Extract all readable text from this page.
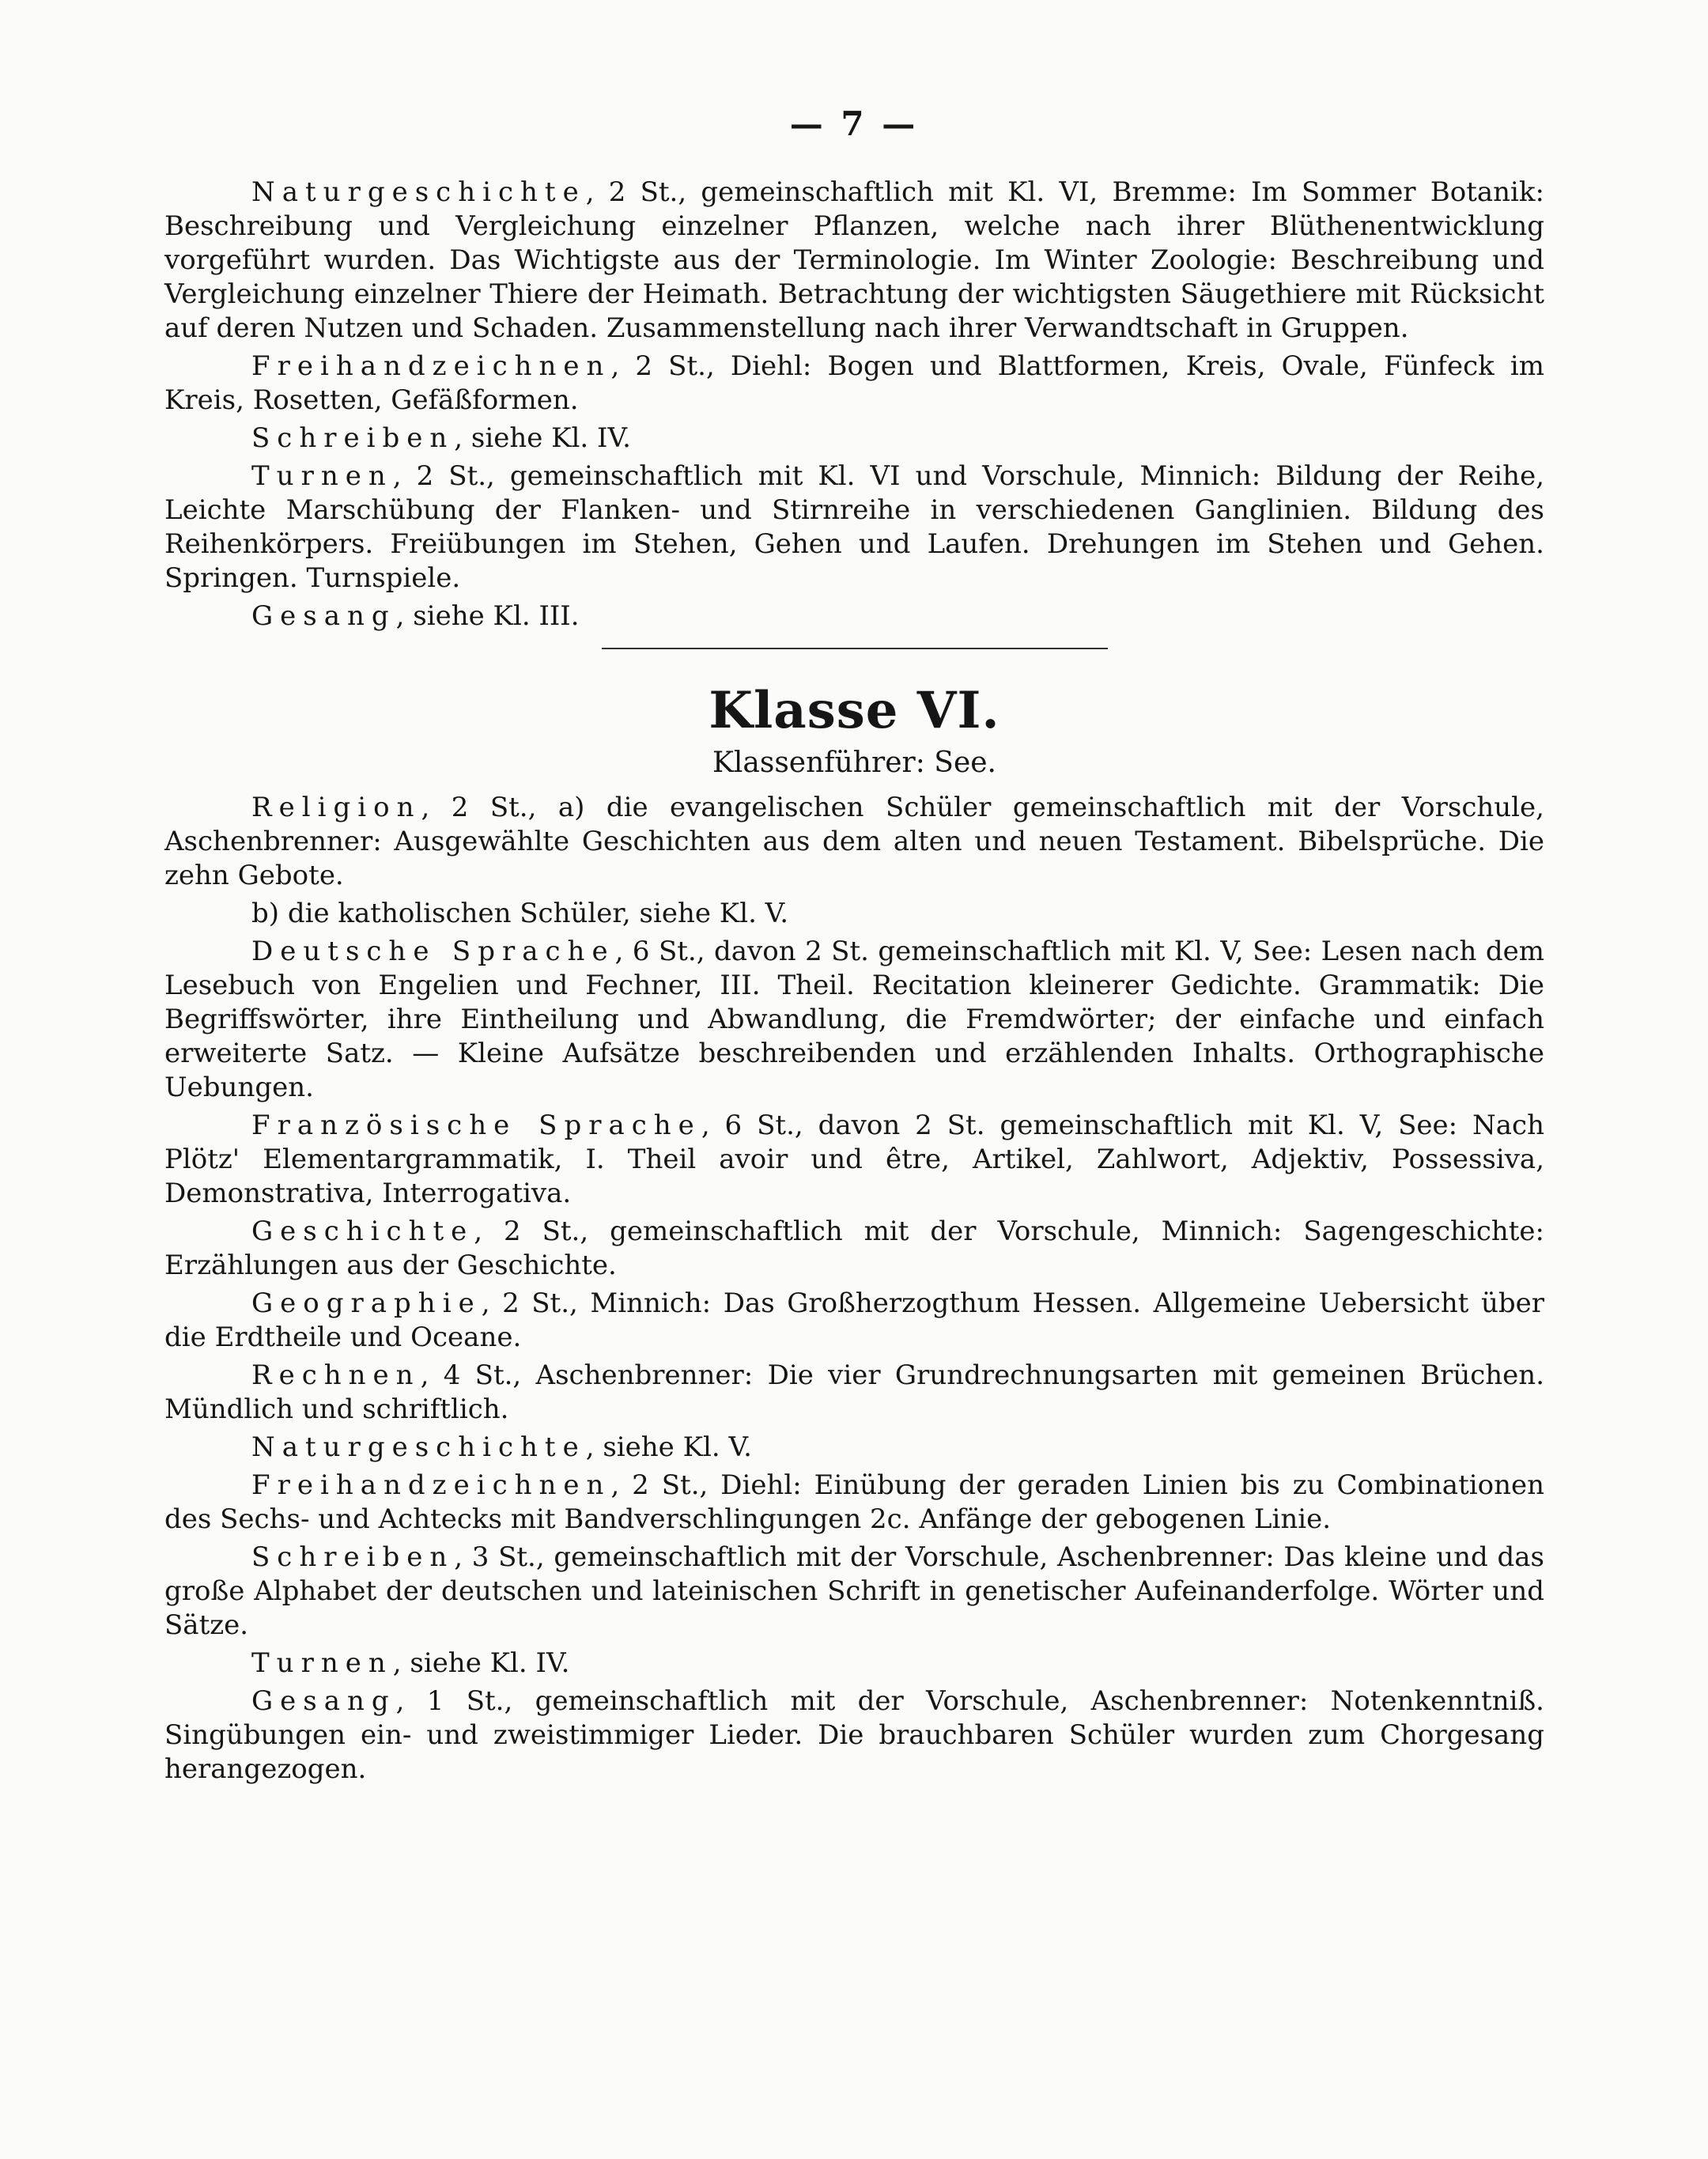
— 7 —

Naturgeschichte, 2 St., gemeinschaftlich mit Kl. VI, Bremme: Im Sommer Botanik: Beschreibung und Vergleichung einzelner Pflanzen, welche nach ihrer Blüthenentwicklung vorgeführt wurden. Das Wichtigste aus der Terminologie. Im Winter Zoologie: Beschreibung und Vergleichung einzelner Thiere der Heimath. Betrachtung der wichtigsten Säugethiere mit Rücksicht auf deren Nutzen und Schaden. Zusammenstellung nach ihrer Verwandtschaft in Gruppen.

Freihandzeichnen, 2 St., Diehl: Bogen und Blattformen, Kreis, Ovale, Fünfeck im Kreis, Rosetten, Gefäßformen.

Schreiben, siehe Kl. IV.

Turnen, 2 St., gemeinschaftlich mit Kl. VI und Vorschule, Minnich: Bildung der Reihe, Leichte Marschübung der Flanken- und Stirnreihe in verschiedenen Ganglinien. Bildung des Reihenkörpers. Freiübungen im Stehen, Gehen und Laufen. Drehungen im Stehen und Gehen. Springen. Turnspiele.

Gesang, siehe Kl. III.

Klasse VI.
Klassenführer: See.

Religion, 2 St., a) die evangelischen Schüler gemeinschaftlich mit der Vorschule, Aschenbrenner: Ausgewählte Geschichten aus dem alten und neuen Testament. Bibelsprüche. Die zehn Gebote.

b) die katholischen Schüler, siehe Kl. V.

Deutsche Sprache, 6 St., davon 2 St. gemeinschaftlich mit Kl. V, See: Lesen nach dem Lesebuch von Engelien und Fechner, III. Theil. Recitation kleinerer Gedichte. Grammatik: Die Begriffswörter, ihre Eintheilung und Abwandlung, die Fremdwörter; der einfache und einfach erweiterte Satz. — Kleine Aufsätze beschreibenden und erzählenden Inhalts. Orthographische Uebungen.

Französische Sprache, 6 St., davon 2 St. gemeinschaftlich mit Kl. V, See: Nach Plötz' Elementargrammatik, I. Theil avoir und être, Artikel, Zahlwort, Adjektiv, Possessiva, Demonstrativa, Interrogativa.

Geschichte, 2 St., gemeinschaftlich mit der Vorschule, Minnich: Sagengeschichte: Erzählungen aus der Geschichte.

Geographie, 2 St., Minnich: Das Großherzogthum Hessen. Allgemeine Uebersicht über die Erdtheile und Oceane.

Rechnen, 4 St., Aschenbrenner: Die vier Grundrechnungsarten mit gemeinen Brüchen. Mündlich und schriftlich.

Naturgeschichte, siehe Kl. V.

Freihandzeichnen, 2 St., Diehl: Einübung der geraden Linien bis zu Combinationen des Sechs- und Achtecks mit Bandverschlingungen 2c. Anfänge der gebogenen Linie.

Schreiben, 3 St., gemeinschaftlich mit der Vorschule, Aschenbrenner: Das kleine und das große Alphabet der deutschen und lateinischen Schrift in genetischer Aufeinanderfolge. Wörter und Sätze.

Turnen, siehe Kl. IV.

Gesang, 1 St., gemeinschaftlich mit der Vorschule, Aschenbrenner: Notenkenntniß. Singübungen ein- und zweistimmiger Lieder. Die brauchbaren Schüler wurden zum Chorgesang herangezogen.
